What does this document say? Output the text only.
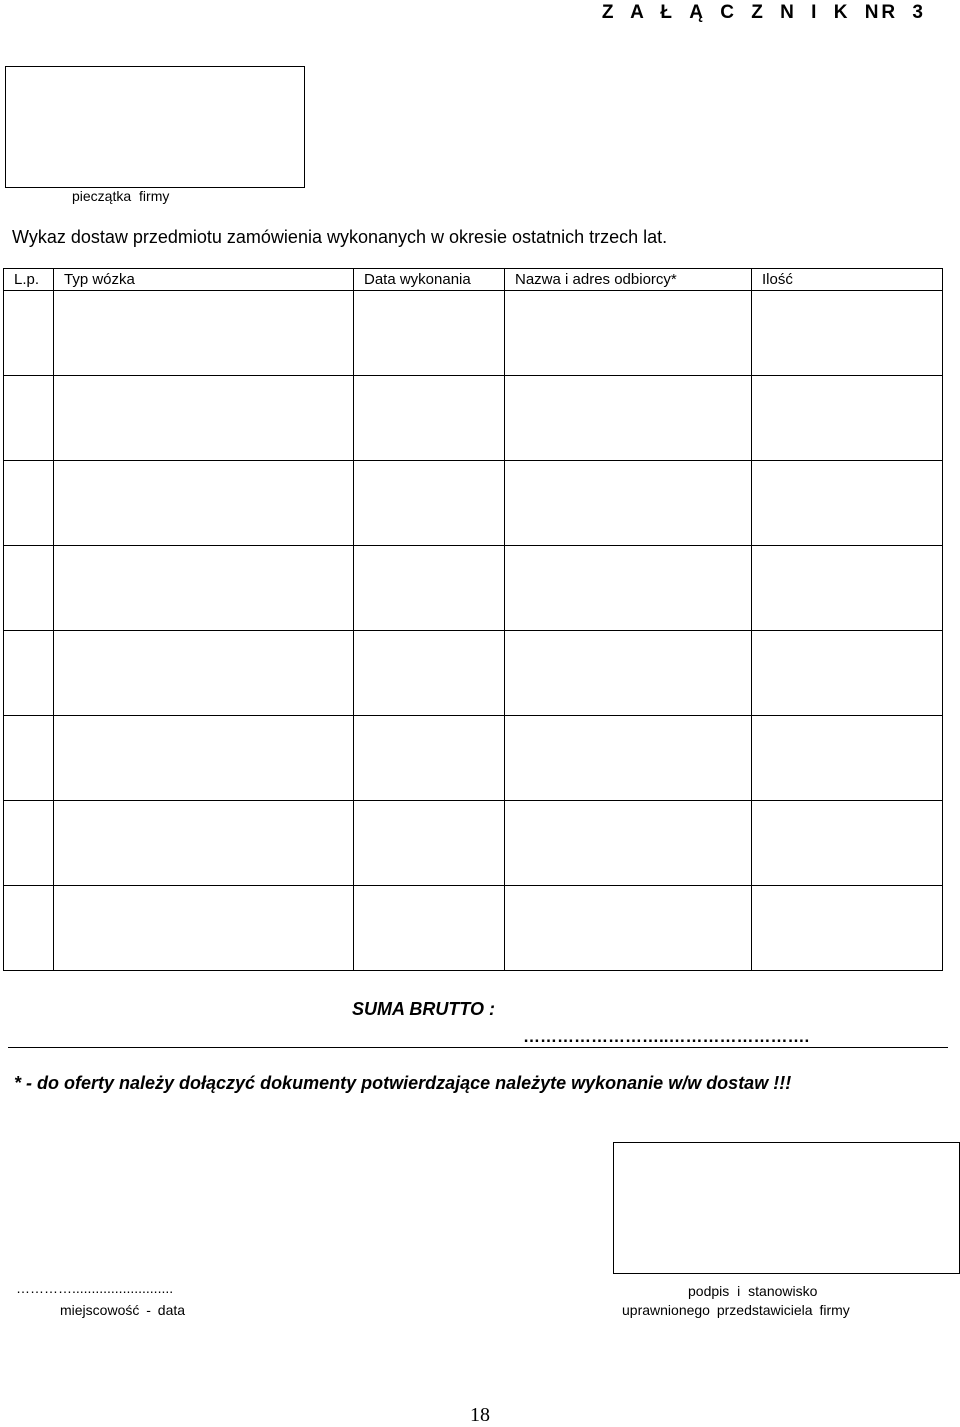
Z A Ł Ą C Z N I K NR 3
pieczątka firmy
Wykaz dostaw przedmiotu zamówienia wykonanych w okresie ostatnich trzech lat.
L.p.	Typ wózka	Data wykonania	Nazwa i adres odbiorcy*	Ilość

SUMA BRUTTO :
……………………..…………………….
* - do oferty należy dołączyć dokumenty potwierdzające należyte wykonanie w/w dostaw !!!
…………..........................
miejscowość - data
podpis i stanowisko
uprawnionego przedstawiciela firmy
18
